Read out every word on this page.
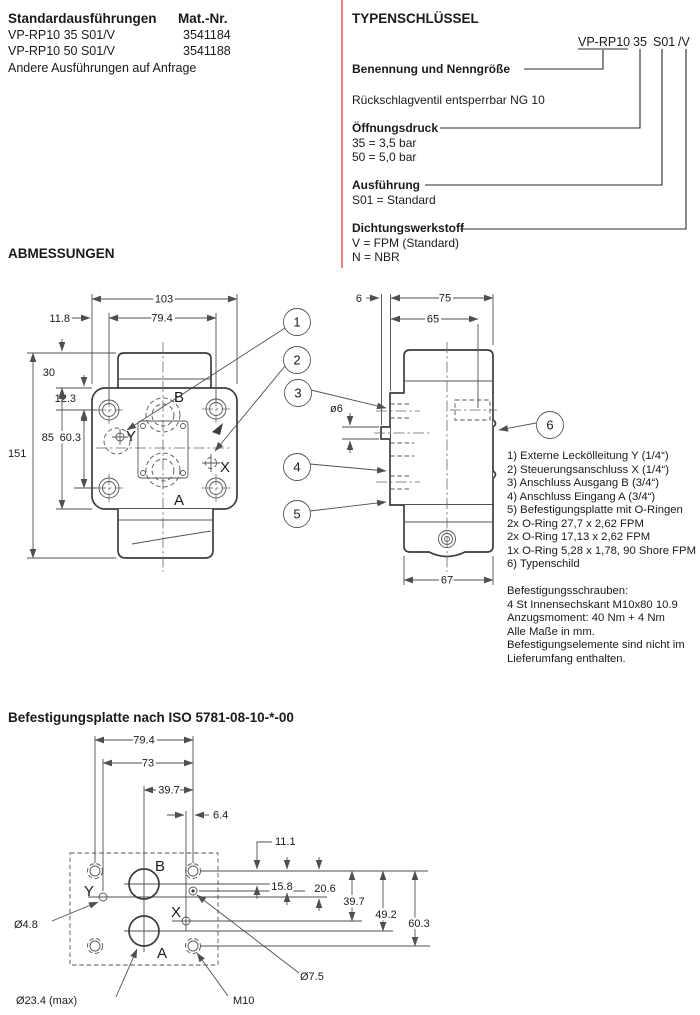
Standardausführungen Mat.-Nr.
VP-RP10 35 S01/V	3541184
VP-RP10 50 S01/V	3541188
Andere Ausführungen auf Anfrage
TYPENSCHLÜSSEL
VP-RP10 35 S01 /V
Benennung und Nenngröße
Rückschlagventil entsperrbar NG 10
Öffnungsdruck
35 = 3,5 bar
50 = 5,0 bar
Ausführung
S01 = Standard
Dichtungswerkstoff
V = FPM (Standard)
N = NBR
ABMESSUNGEN
B
A
Y
X
103
79.4
11.8
30
12.3
85 60.3
151
6	75
65
ø6
67
1
2
3
4
5
6
1) Externe Leckölleitung Y (1/4“)
2) Steuerungsanschluss X (1/4“)
3) Anschluss Ausgang B (3/4“)
4) Anschluss Eingang A (3/4“)
5) Befestigungsplatte mit O-Ringen
2x O-Ring 27,7 x 2,62 FPM
2x O-Ring 17,13 x 2,62 FPM
1x O-Ring 5,28 x 1,78, 90 Shore FPM
6) Typenschild
Befestigungsschrauben:
4 St Innensechskant M10x80 10.9
Anzugsmoment: 40 Nm + 4 Nm
Alle Maße in mm.
Befestigungselemente sind nicht im
Lieferumfang enthalten.
Befestigungsplatte nach ISO 5781-08-10-*-00
B
A
Y
X
79.4
73
39.7
6.4
11.1
15.8 20.6
39.7
49.2
60.3
Ø4.8
Ø23.4 (max)	M10
Ø7.5
